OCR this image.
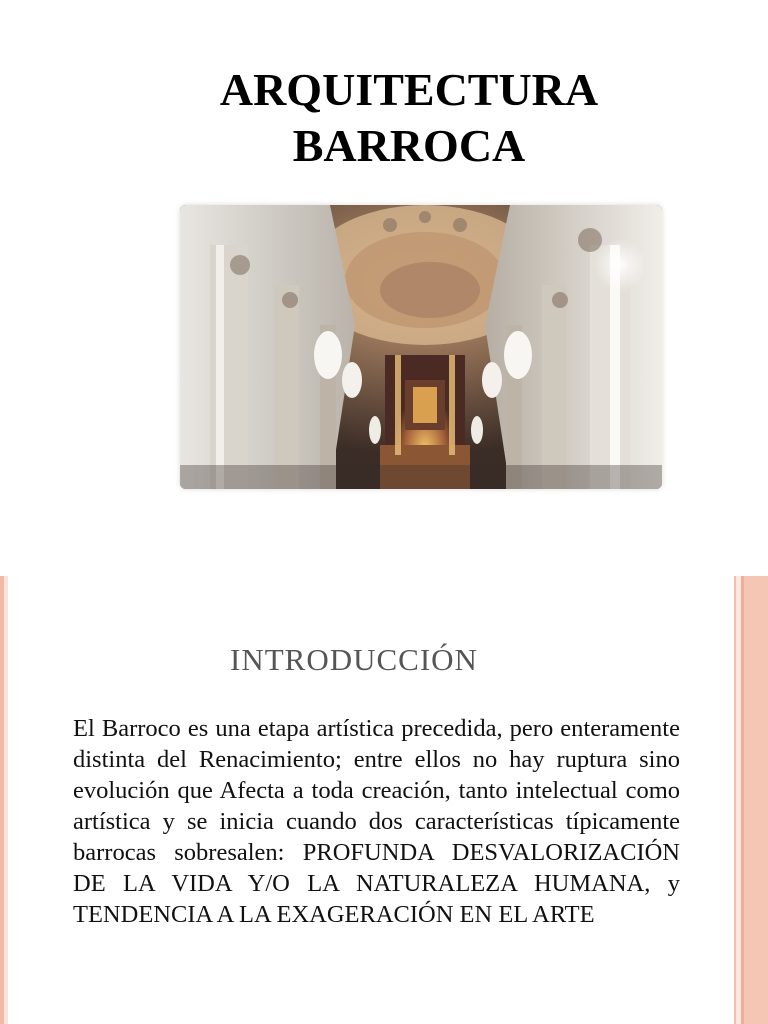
ARQUITECTURA
BARROCA
INTRODUCCIÓN

El Barroco es una etapa artística precedida, pero enteramente distinta del Renacimiento; entre ellos no hay ruptura sino evolución que Afecta a toda creación, tanto intelectual como artística y se inicia cuando dos características típicamente barrocas sobresalen: PROFUNDA DESVALORIZACIÓN DE LA VIDA Y/O LA NATURALEZA HUMANA, y TENDENCIA A LA EXAGERACIÓN EN EL ARTE
